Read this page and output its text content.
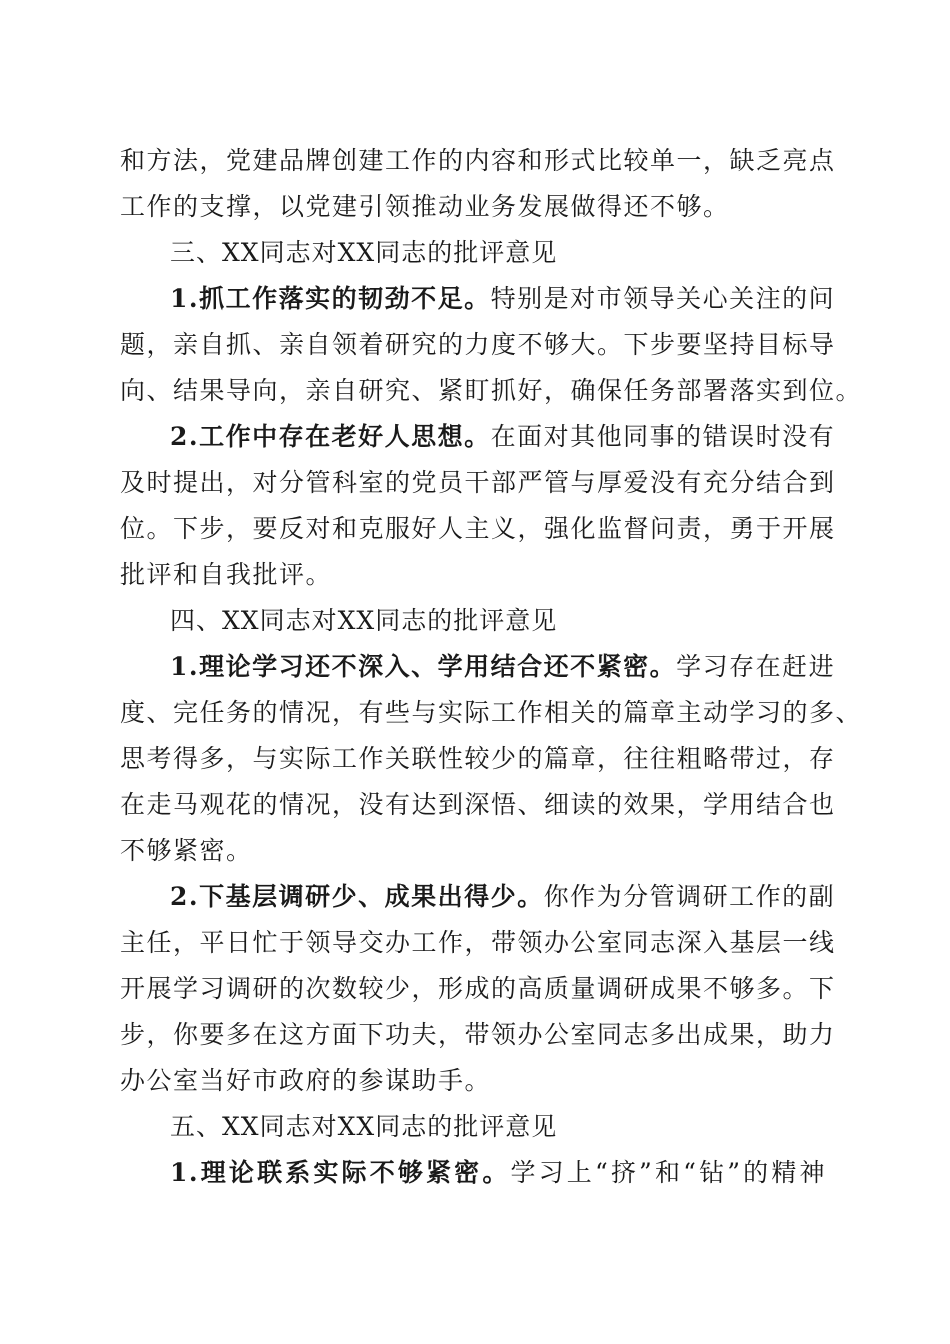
和方法，党建品牌创建工作的内容和形式比较单一，缺乏亮点
工作的支撑，以党建引领推动业务发展做得还不够。
三、XX同志对XX同志的批评意见
1.抓工作落实的韧劲不足。特别是对市领导关心关注的问
题，亲自抓、亲自领着研究的力度不够大。下步要坚持目标导
向、结果导向，亲自研究、紧盯抓好，确保任务部署落实到位。
2.工作中存在老好人思想。在面对其他同事的错误时没有
及时提出，对分管科室的党员干部严管与厚爱没有充分结合到
位。下步，要反对和克服好人主义，强化监督问责，勇于开展
批评和自我批评。
四、XX同志对XX同志的批评意见
1.理论学习还不深入、学用结合还不紧密。学习存在赶进
度、完任务的情况，有些与实际工作相关的篇章主动学习的多、
思考得多，与实际工作关联性较少的篇章，往往粗略带过，存
在走马观花的情况，没有达到深悟、细读的效果，学用结合也
不够紧密。
2.下基层调研少、成果出得少。你作为分管调研工作的副
主任，平日忙于领导交办工作，带领办公室同志深入基层一线
开展学习调研的次数较少，形成的高质量调研成果不够多。下
步，你要多在这方面下功夫，带领办公室同志多出成果，助力
办公室当好市政府的参谋助手。
五、XX同志对XX同志的批评意见
1.理论联系实际不够紧密。学习上“挤”和“钻”的精神
